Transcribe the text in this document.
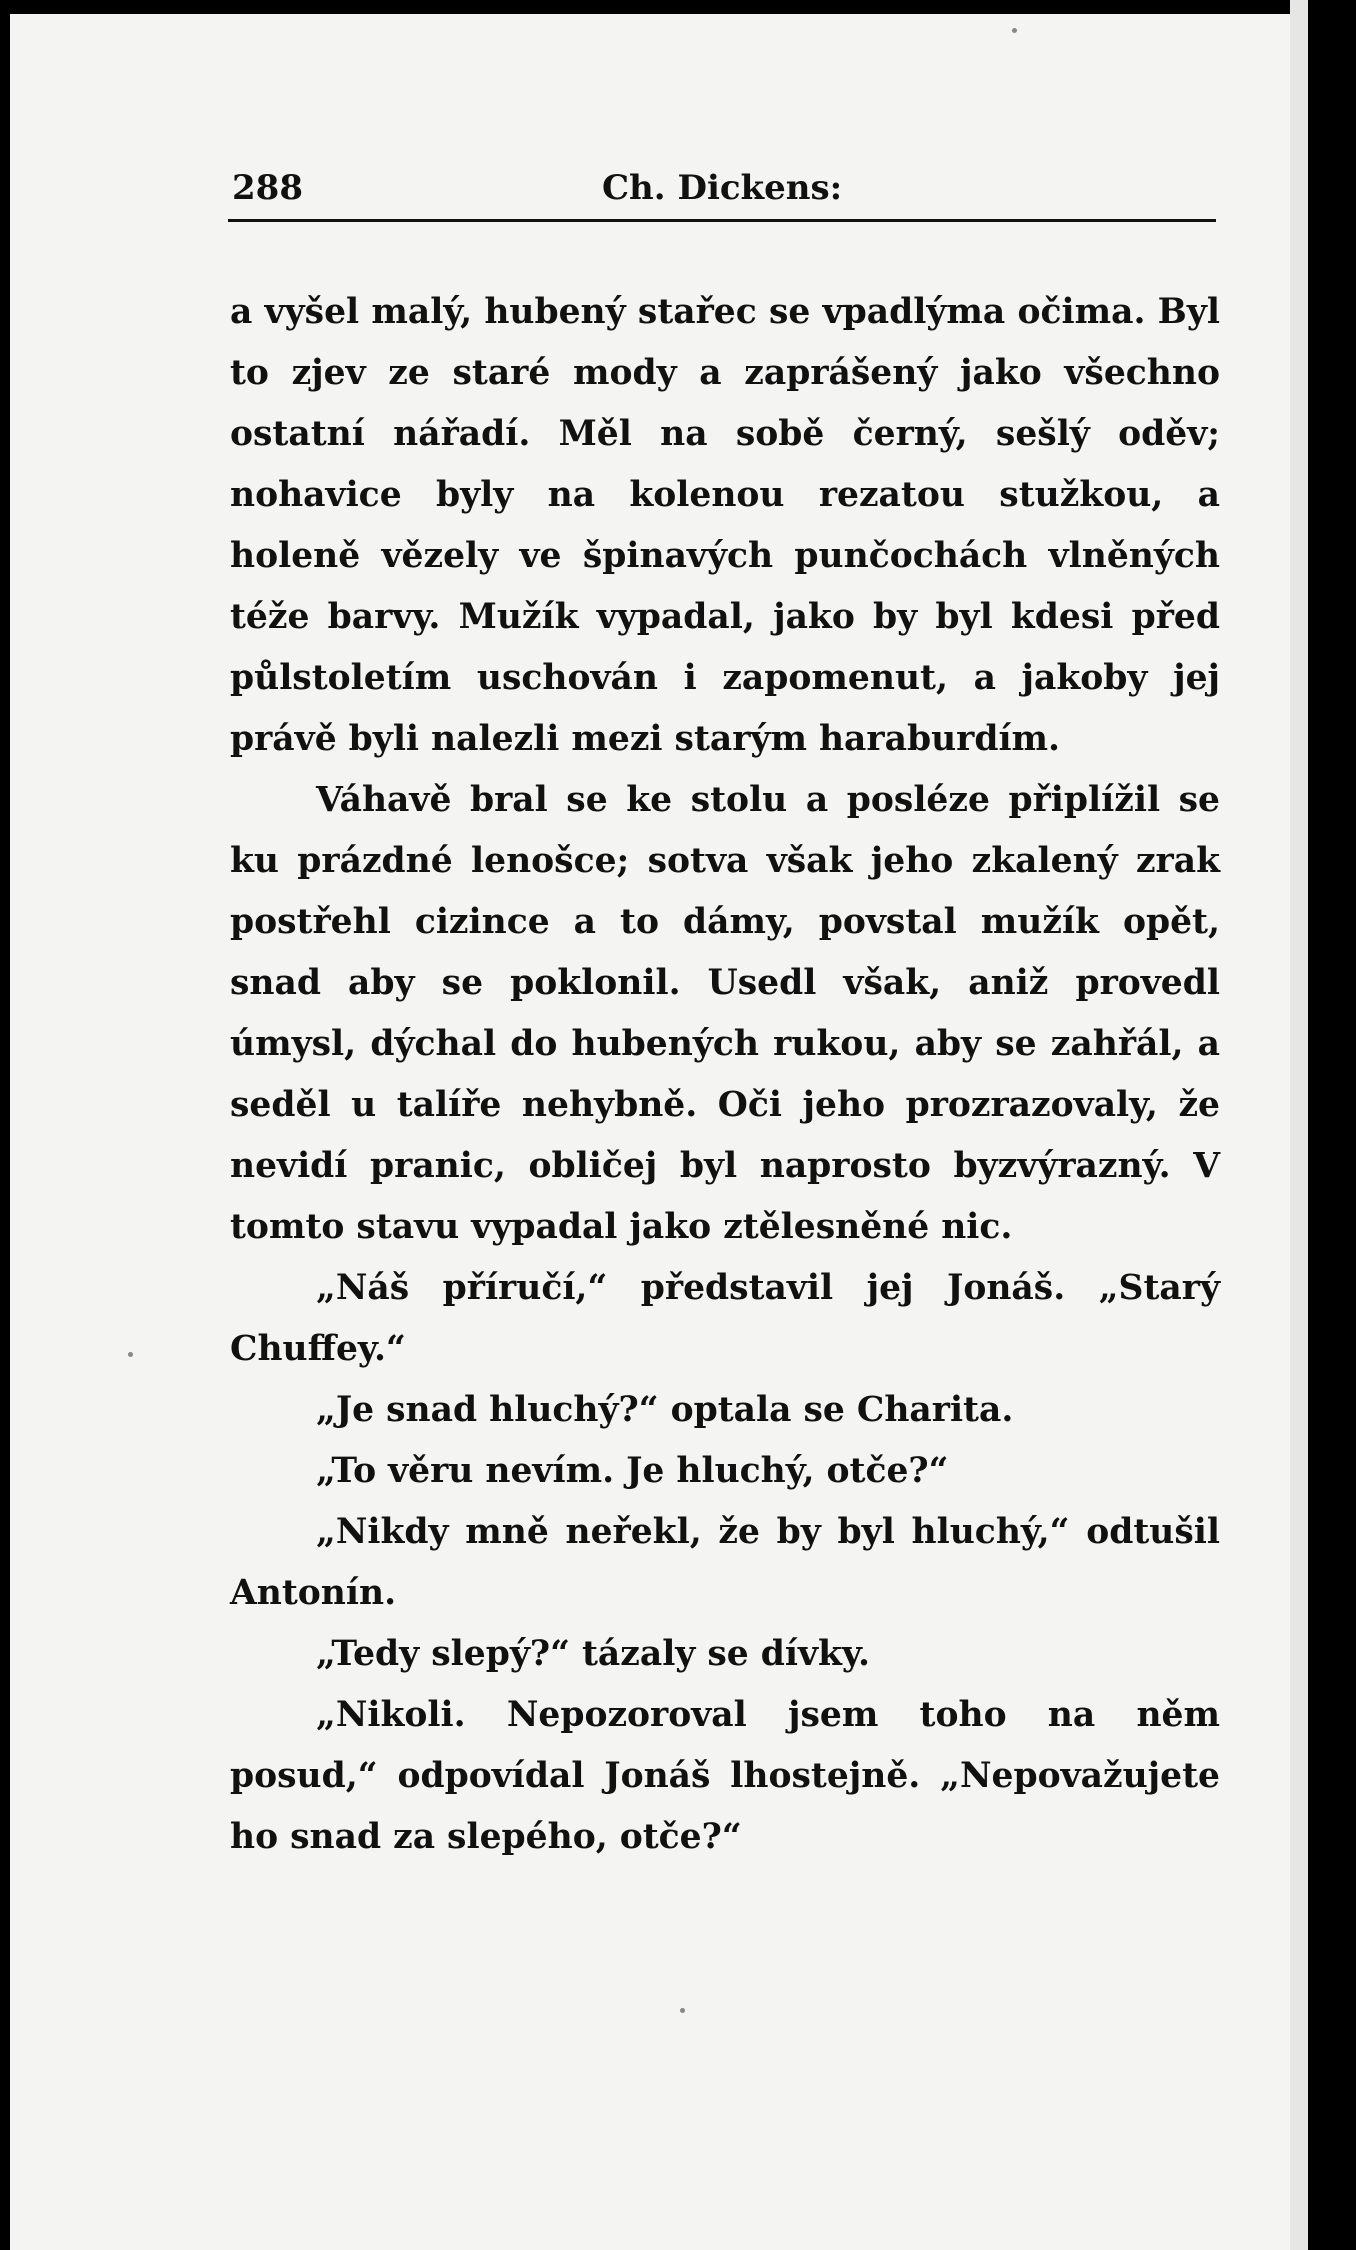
288	Ch. Dickens:

a vyšel malý, hubený stařec se vpadlýma očima. Byl to zjev ze staré mody a zaprášený jako všechno ostatní nářadí. Měl na sobě černý, sešlý oděv; nohavice byly na kolenou rezatou stužkou, a holeně vězely ve špinavých punčochách vlněných téže barvy. Mužík vypadal, jako by byl kdesi před půlstoletím uschován i zapomenut, a jakoby jej právě byli nalezli mezi starým haraburdím.

Váhavě bral se ke stolu a posléze připlížil se ku prázdné lenošce; sotva však jeho zkalený zrak postřehl cizince a to dámy, povstal mužík opět, snad aby se poklonil. Usedl však, aniž provedl úmysl, dýchal do hubených rukou, aby se zahřál, a seděl u talíře nehybně. Oči jeho prozrazovaly, že nevidí pranic, obličej byl naprosto byzvýrazný. V tomto stavu vypadal jako ztělesněné nic.

„Náš příručí,“ představil jej Jonáš. „Starý Chuffey.“

„Je snad hluchý?“ optala se Charita.

„To věru nevím. Je hluchý, otče?“

„Nikdy mně neřekl, že by byl hluchý,“ odtušil Antonín.

„Tedy slepý?“ tázaly se dívky.

„Nikoli. Nepozoroval jsem toho na něm posud,“ odpovídal Jonáš lhostejně. „Nepovažujete ho snad za slepého, otče?“
